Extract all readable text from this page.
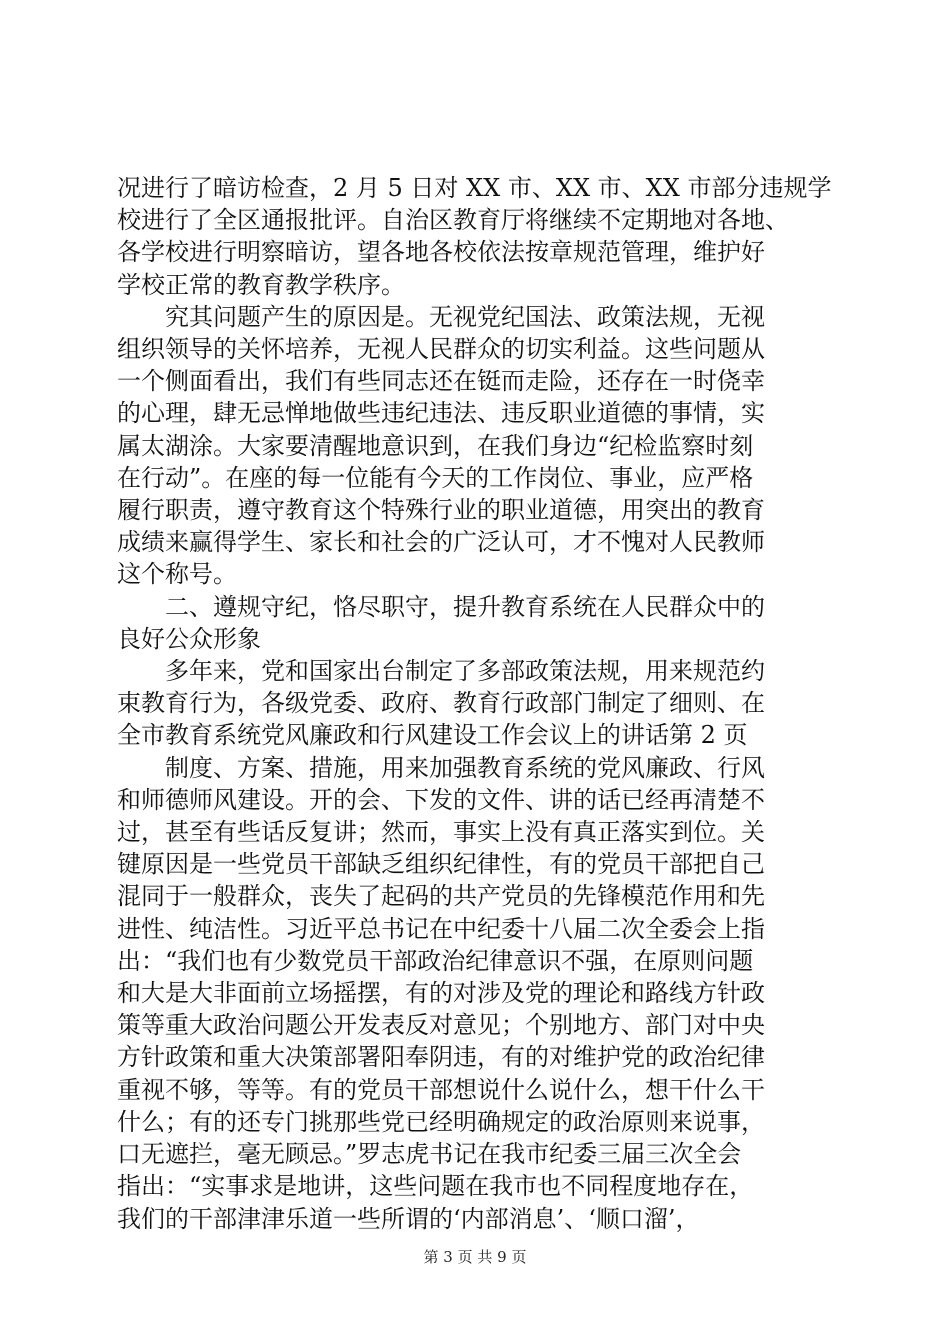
况进行了暗访检查，2 月 5 日对 XX 市、XX 市、XX 市部分违规学

校进行了全区通报批评。自治区教育厅将继续不定期地对各地、

各学校进行明察暗访，望各地各校依法按章规范管理，维护好

学校正常的教育教学秩序。

　　究其问题产生的原因是。无视党纪国法、政策法规，无视

组织领导的关怀培养，无视人民群众的切实利益。这些问题从

一个侧面看出，我们有些同志还在铤而走险，还存在一时侥幸

的心理，肆无忌惮地做些违纪违法、违反职业道德的事情，实

属太湖涂。大家要清醒地意识到，在我们身边“纪检监察时刻

在行动”。在座的每一位能有今天的工作岗位、事业，应严格

履行职责，遵守教育这个特殊行业的职业道德，用突出的教育

成绩来赢得学生、家长和社会的广泛认可，才不愧对人民教师

这个称号。

　　二、遵规守纪，恪尽职守，提升教育系统在人民群众中的

良好公众形象

　　多年来，党和国家出台制定了多部政策法规，用来规范约

束教育行为，各级党委、政府、教育行政部门制定了细则、在

全市教育系统党风廉政和行风建设工作会议上的讲话第 2 页

　　制度、方案、措施，用来加强教育系统的党风廉政、行风

和师德师风建设。开的会、下发的文件、讲的话已经再清楚不

过，甚至有些话反复讲；然而，事实上没有真正落实到位。关

键原因是一些党员干部缺乏组织纪律性，有的党员干部把自己

混同于一般群众，丧失了起码的共产党员的先锋模范作用和先

进性、纯洁性。习近平总书记在中纪委十八届二次全委会上指

出：“我们也有少数党员干部政治纪律意识不强，在原则问题

和大是大非面前立场摇摆，有的对涉及党的理论和路线方针政

策等重大政治问题公开发表反对意见；个别地方、部门对中央

方针政策和重大决策部署阳奉阴违，有的对维护党的政治纪律

重视不够，等等。有的党员干部想说什么说什么，想干什么干

什么；有的还专门挑那些党已经明确规定的政治原则来说事，

口无遮拦，毫无顾忌。”罗志虎书记在我市纪委三届三次全会

指出：“实事求是地讲，这些问题在我市也不同程度地存在，

我们的干部津津乐道一些所谓的‘内部消息’、‘顺口溜’，

第 3 页 共 9 页
